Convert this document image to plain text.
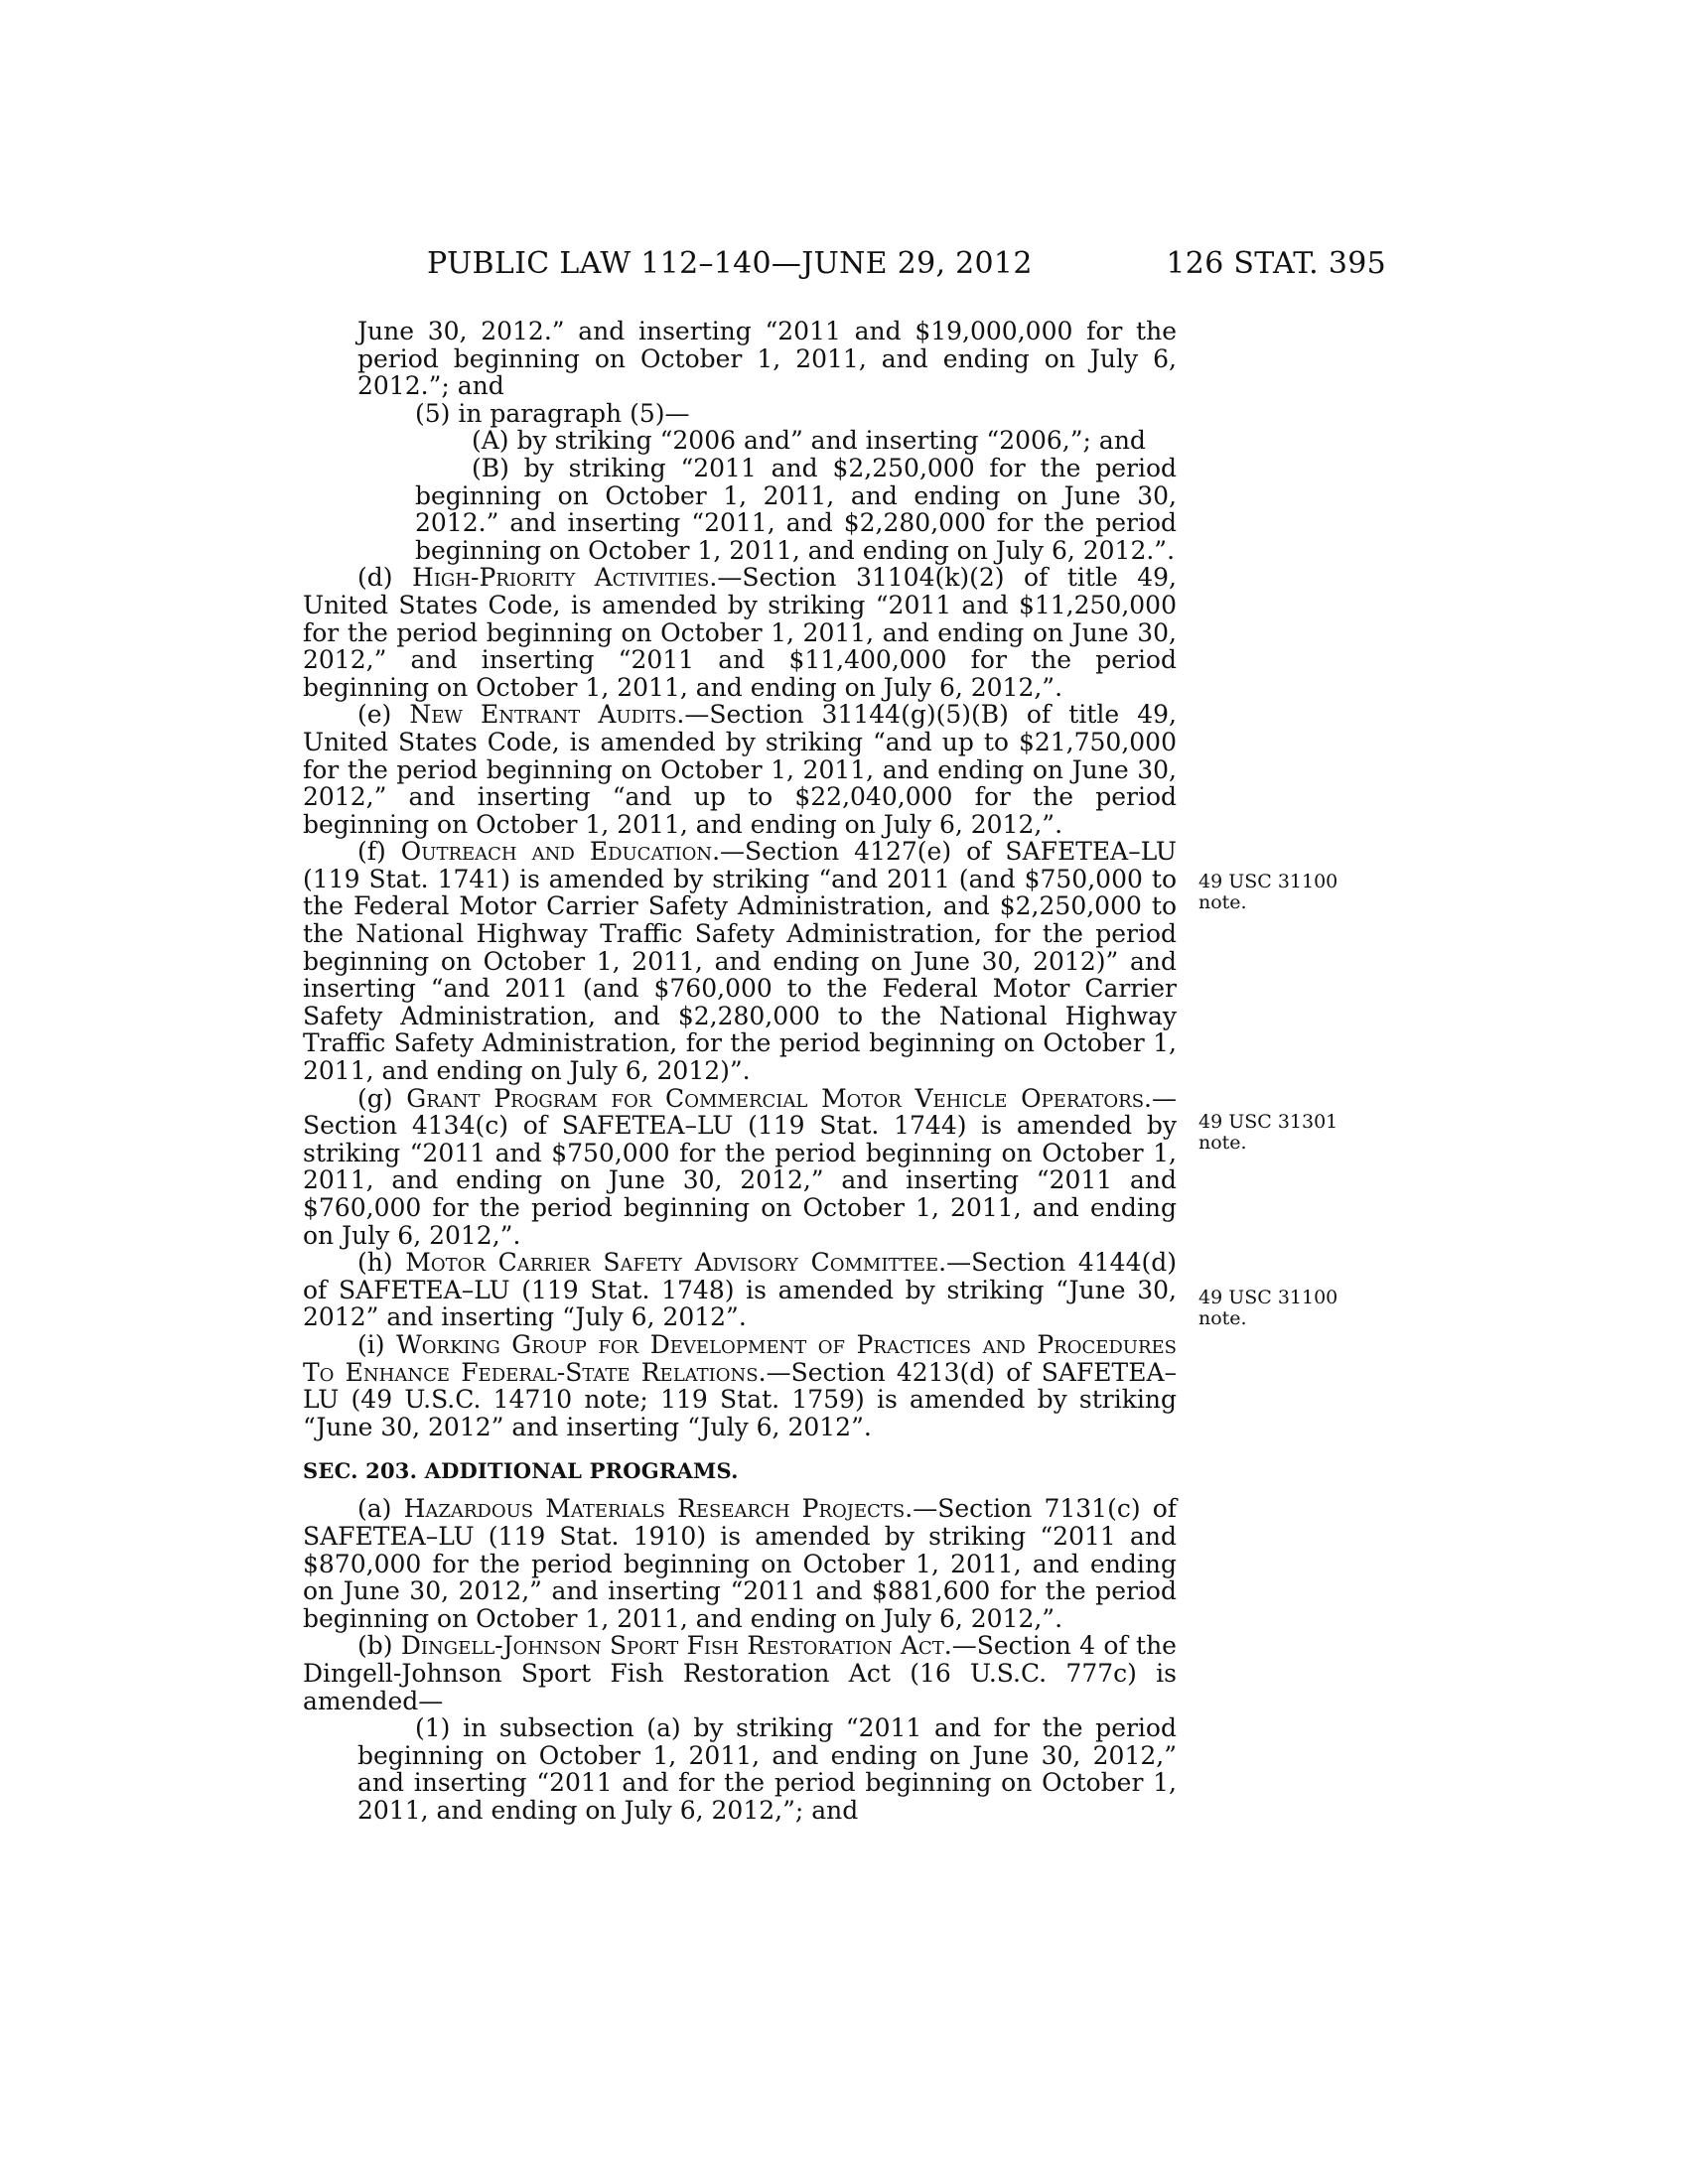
PUBLIC LAW 112–140—JUNE 29, 2012	126 STAT. 395

June 30, 2012.” and inserting “2011 and $19,000,000 for the period beginning on October 1, 2011, and ending on July 6, 2012.”; and

(5) in paragraph (5)—

(A) by striking “2006 and” and inserting “2006,”; and

(B) by striking “2011 and $2,250,000 for the period beginning on October 1, 2011, and ending on June 30, 2012.” and inserting “2011, and $2,280,000 for the period beginning on October 1, 2011, and ending on July 6, 2012.”.

(d) High-Priority Activities.—Section 31104(k)(2) of title 49, United States Code, is amended by striking “2011 and $11,250,000 for the period beginning on October 1, 2011, and ending on June 30, 2012,” and inserting “2011 and $11,400,000 for the period beginning on October 1, 2011, and ending on July 6, 2012,”.

(e) New Entrant Audits.—Section 31144(g)(5)(B) of title 49, United States Code, is amended by striking “and up to $21,750,000 for the period beginning on October 1, 2011, and ending on June 30, 2012,” and inserting “and up to $22,040,000 for the period beginning on October 1, 2011, and ending on July 6, 2012,”.

(f) Outreach and Education.—Section 4127(e) of SAFETEA–LU (119 Stat. 1741) is amended by striking “and 2011 (and $750,000 to the Federal Motor Carrier Safety Administration, and $2,250,000 to the National Highway Traffic Safety Administration, for the period beginning on October 1, 2011, and ending on June 30, 2012)” and inserting “and 2011 (and $760,000 to the Federal Motor Carrier Safety Administration, and $2,280,000 to the National Highway Traffic Safety Administration, for the period beginning on October 1, 2011, and ending on July 6, 2012)”.

(g) Grant Program for Commercial Motor Vehicle Operators.—Section 4134(c) of SAFETEA–LU (119 Stat. 1744) is amended by striking “2011 and $750,000 for the period beginning on October 1, 2011, and ending on June 30, 2012,” and inserting “2011 and $760,000 for the period beginning on October 1, 2011, and ending on July 6, 2012,”.

(h) Motor Carrier Safety Advisory Committee.—Section 4144(d) of SAFETEA–LU (119 Stat. 1748) is amended by striking “June 30, 2012” and inserting “July 6, 2012”.

(i) Working Group for Development of Practices and Procedures To Enhance Federal-State Relations.—Section 4213(d) of SAFETEA–LU (49 U.S.C. 14710 note; 119 Stat. 1759) is amended by striking “June 30, 2012” and inserting “July 6, 2012”.

SEC. 203. ADDITIONAL PROGRAMS.

(a) Hazardous Materials Research Projects.—Section 7131(c) of SAFETEA–LU (119 Stat. 1910) is amended by striking “2011 and $870,000 for the period beginning on October 1, 2011, and ending on June 30, 2012,” and inserting “2011 and $881,600 for the period beginning on October 1, 2011, and ending on July 6, 2012,”.

(b) Dingell-Johnson Sport Fish Restoration Act.—Section 4 of the Dingell-Johnson Sport Fish Restoration Act (16 U.S.C. 777c) is amended—

(1) in subsection (a) by striking “2011 and for the period beginning on October 1, 2011, and ending on June 30, 2012,” and inserting “2011 and for the period beginning on October 1, 2011, and ending on July 6, 2012,”; and

49 USC 31100
note.
49 USC 31301
note.
49 USC 31100
note.
